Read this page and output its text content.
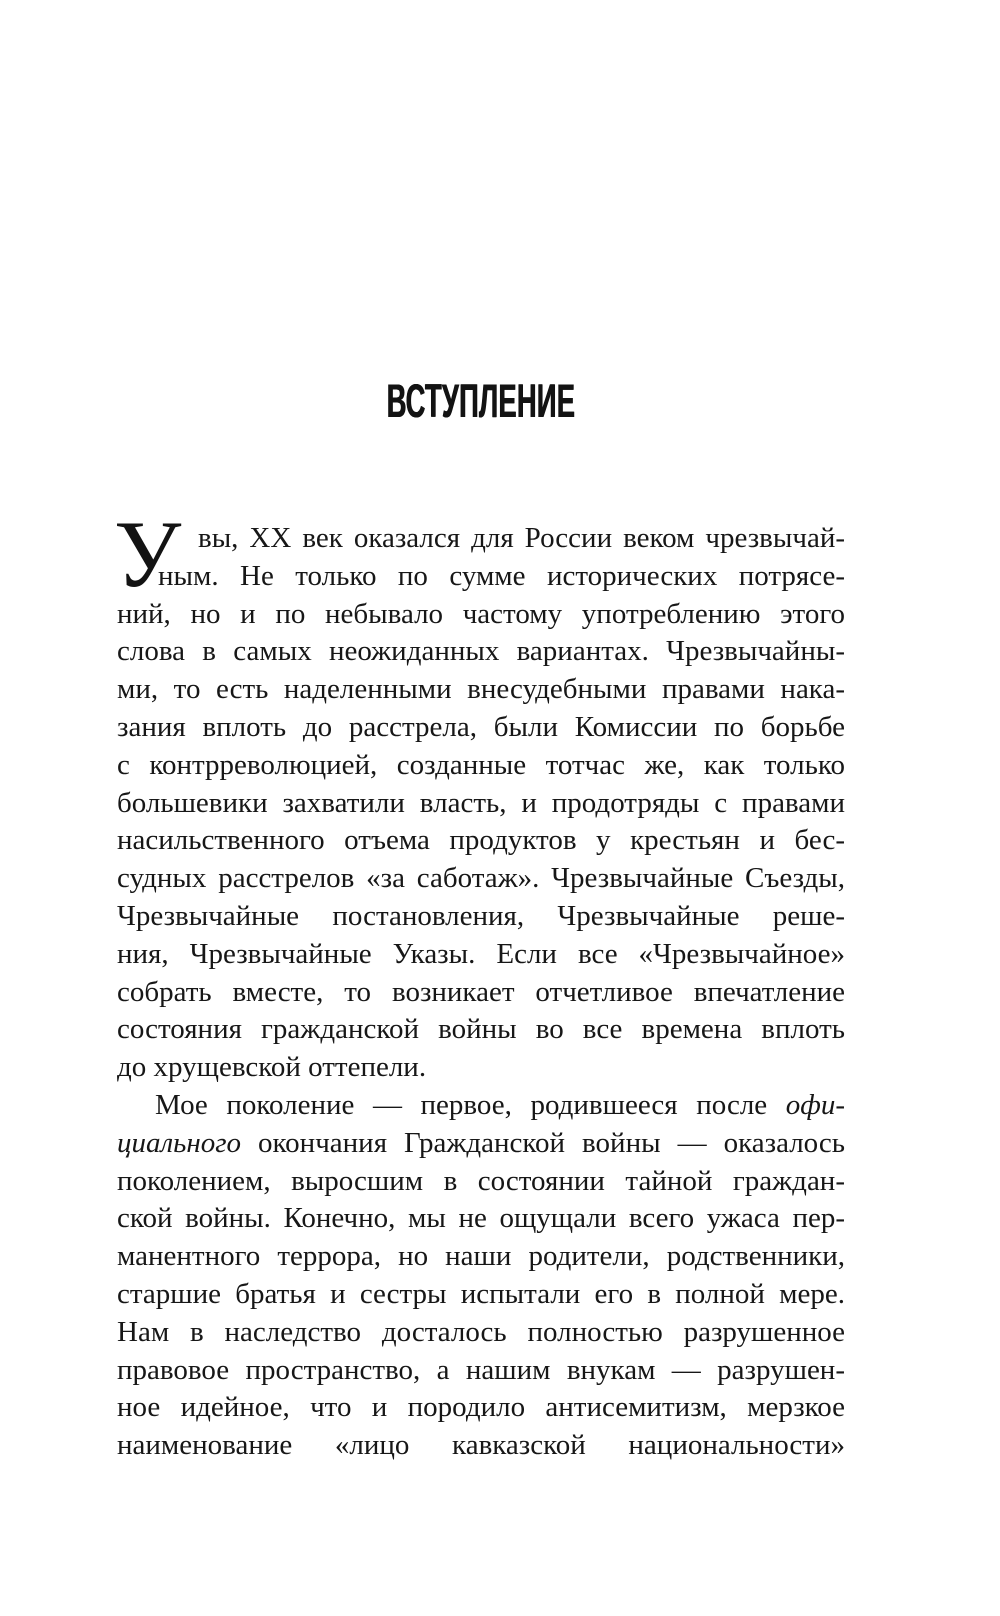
ВСТУПЛЕНИЕ
У вы, XX век оказался для России веком чрезвычай-
ным. Не только по сумме исторических потрясе-
ний, но и по небывало частому употреблению этого
слова в самых неожиданных вариантах. Чрезвычайны-
ми, то есть наделенными внесудебными правами нака-
зания вплоть до расстрела, были Комиссии по борьбе
с контрреволюцией, созданные тотчас же, как только
большевики захватили власть, и продотряды с правами
насильственного отъема продуктов у крестьян и бес-
судных расстрелов «за саботаж». Чрезвычайные Съезды,
Чрезвычайные постановления, Чрезвычайные реше-
ния, Чрезвычайные Указы. Если все «Чрезвычайное»
собрать вместе, то возникает отчетливое впечатление
состояния гражданской войны во все времена вплоть
до хрущевской оттепели.
Мое поколение — первое, родившееся после офи-
циального окончания Гражданской войны — оказалось
поколением, выросшим в состоянии тайной граждан-
ской войны. Конечно, мы не ощущали всего ужаса пер-
манентного террора, но наши родители, родственники,
старшие братья и сестры испытали его в полной мере.
Нам в наследство досталось полностью разрушенное
правовое пространство, а нашим внукам — разрушен-
ное идейное, что и породило антисемитизм, мерзкое
наименование «лицо кавказской национальности»
